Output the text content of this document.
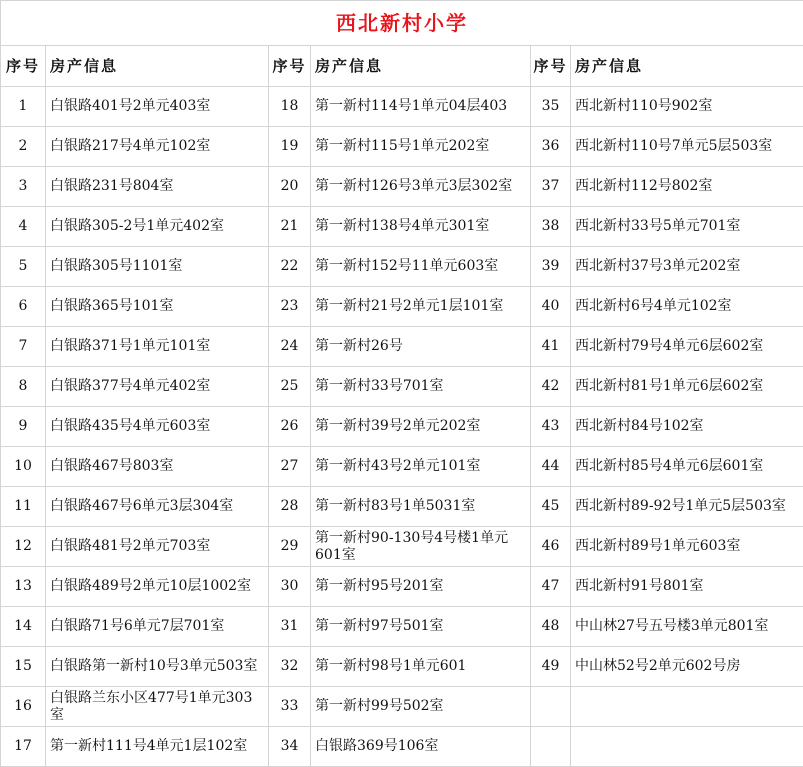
西北新村小学					
序号	房产信息	序号	房产信息	序号	房产信息
1	白银路401号2单元403室	18	第一新村114号1单元04层403	35	西北新村110号902室
2	白银路217号4单元102室	19	第一新村115号1单元202室	36	西北新村110号7单元5层503室
3	白银路231号804室	20	第一新村126号3单元3层302室	37	西北新村112号802室
4	白银路305-2号1单元402室	21	第一新村138号4单元301室	38	西北新村33号5单元701室
5	白银路305号1101室	22	第一新村152号11单元603室	39	西北新村37号3单元202室
6	白银路365号101室	23	第一新村21号2单元1层101室	40	西北新村6号4单元102室
7	白银路371号1单元101室	24	第一新村26号	41	西北新村79号4单元6层602室
8	白银路377号4单元402室	25	第一新村33号701室	42	西北新村81号1单元6层602室
9	白银路435号4单元603室	26	第一新村39号2单元202室	43	西北新村84号102室
10	白银路467号803室	27	第一新村43号2单元101室	44	西北新村85号4单元6层601室
11	白银路467号6单元3层304室	28	第一新村83号1单5031室	45	西北新村89-92号1单元5层503室
12	白银路481号2单元703室	29	第一新村90-130号4号楼1单元601室	46	西北新村89号1单元603室
13	白银路489号2单元10层1002室	30	第一新村95号201室	47	西北新村91号801室
14	白银路71号6单元7层701室	31	第一新村97号501室	48	中山林27号五号楼3单元801室
15	白银路第一新村10号3单元503室	32	第一新村98号1单元601	49	中山林52号2单元602号房
16	白银路兰东小区477号1单元303室	33	第一新村99号502室		
17	第一新村111号4单元1层102室	34	白银路369号106室		
